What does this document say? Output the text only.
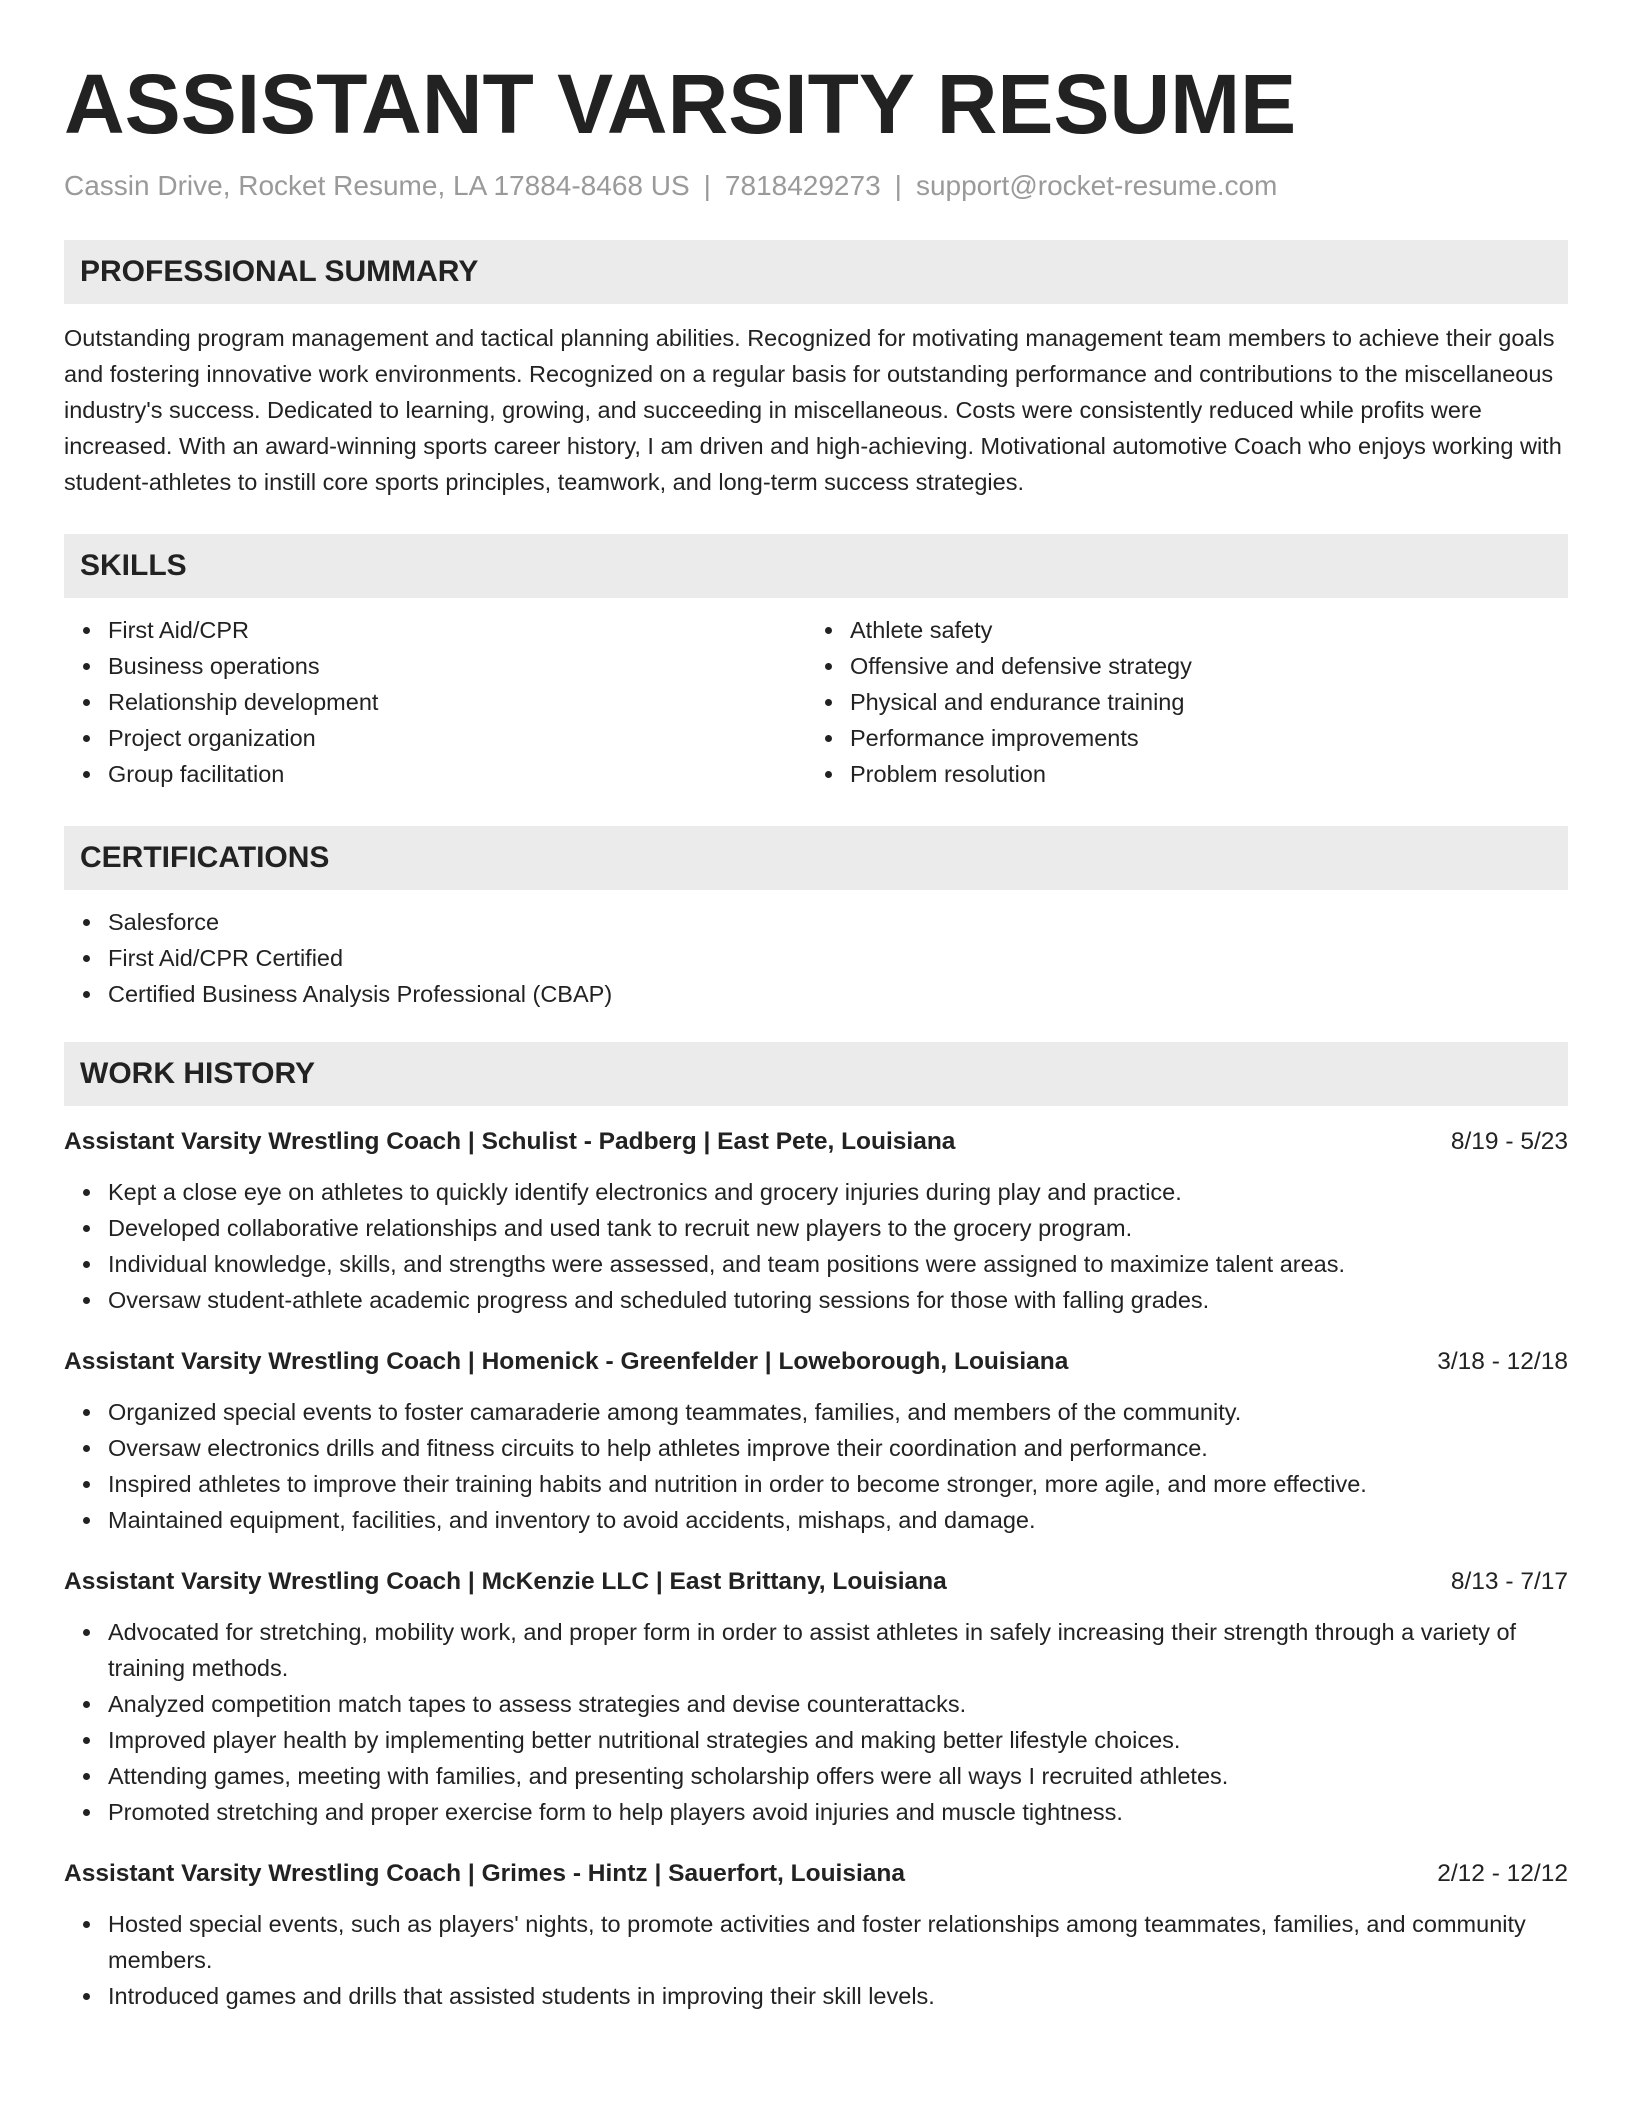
ASSISTANT VARSITY RESUME
Cassin Drive, Rocket Resume, LA 17884-8468 US | 7818429273 | support@rocket-resume.com
PROFESSIONAL SUMMARY
Outstanding program management and tactical planning abilities. Recognized for motivating management team members to achieve their goals and fostering innovative work environments. Recognized on a regular basis for outstanding performance and contributions to the miscellaneous industry's success. Dedicated to learning, growing, and succeeding in miscellaneous. Costs were consistently reduced while profits were increased. With an award-winning sports career history, I am driven and high-achieving. Motivational automotive Coach who enjoys working with student-athletes to instill core sports principles, teamwork, and long-term success strategies.
SKILLS
First Aid/CPR
Business operations
Relationship development
Project organization
Group facilitation
Athlete safety
Offensive and defensive strategy
Physical and endurance training
Performance improvements
Problem resolution
CERTIFICATIONS
Salesforce
First Aid/CPR Certified
Certified Business Analysis Professional (CBAP)
WORK HISTORY
Assistant Varsity Wrestling Coach | Schulist - Padberg | East Pete, Louisiana	8/19 - 5/23
Kept a close eye on athletes to quickly identify electronics and grocery injuries during play and practice.
Developed collaborative relationships and used tank to recruit new players to the grocery program.
Individual knowledge, skills, and strengths were assessed, and team positions were assigned to maximize talent areas.
Oversaw student-athlete academic progress and scheduled tutoring sessions for those with falling grades.
Assistant Varsity Wrestling Coach | Homenick - Greenfelder | Loweborough, Louisiana	3/18 - 12/18
Organized special events to foster camaraderie among teammates, families, and members of the community.
Oversaw electronics drills and fitness circuits to help athletes improve their coordination and performance.
Inspired athletes to improve their training habits and nutrition in order to become stronger, more agile, and more effective.
Maintained equipment, facilities, and inventory to avoid accidents, mishaps, and damage.
Assistant Varsity Wrestling Coach | McKenzie LLC | East Brittany, Louisiana	8/13 - 7/17
Advocated for stretching, mobility work, and proper form in order to assist athletes in safely increasing their strength through a variety of training methods.
Analyzed competition match tapes to assess strategies and devise counterattacks.
Improved player health by implementing better nutritional strategies and making better lifestyle choices.
Attending games, meeting with families, and presenting scholarship offers were all ways I recruited athletes.
Promoted stretching and proper exercise form to help players avoid injuries and muscle tightness.
Assistant Varsity Wrestling Coach | Grimes - Hintz | Sauerfort, Louisiana	2/12 - 12/12
Hosted special events, such as players' nights, to promote activities and foster relationships among teammates, families, and community members.
Introduced games and drills that assisted students in improving their skill levels.
